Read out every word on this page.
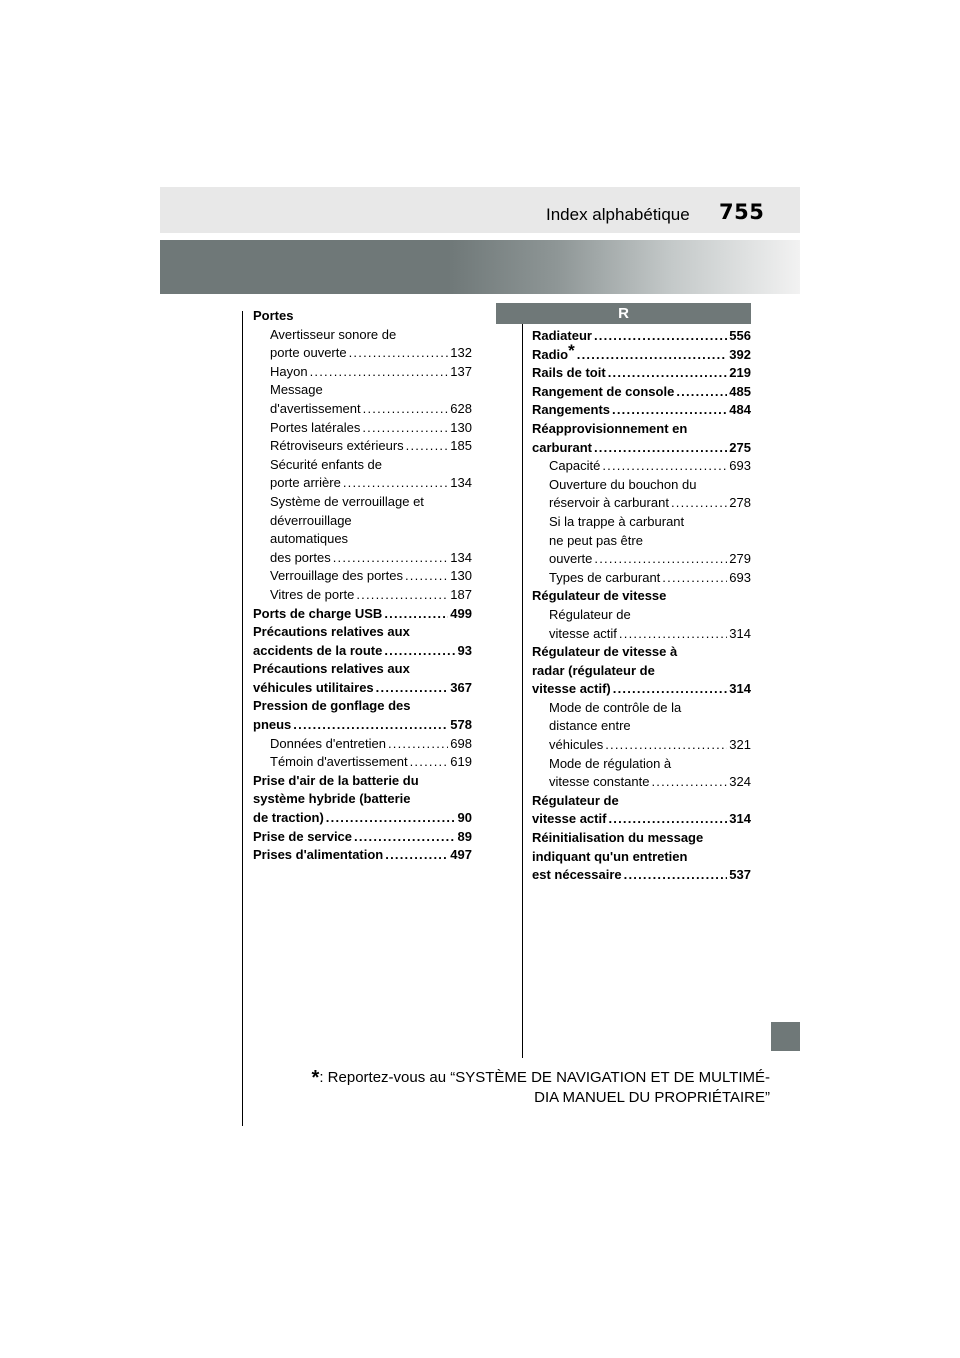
Index alphabétique 755
R
Portes
Avertisseur sonore de
porte ouverte . . .	132
Hayon . . .	137
Message
d'avertissement . . .	628
Portes latérales . . .	130
Rétroviseurs extérieurs . . .	185
Sécurité enfants de
porte arrière . . .	134
Système de verrouillage et
déverrouillage
automatiques
des portes . . .	134
Verrouillage des portes . . .	130
Vitres de porte . . .	187
Ports de charge USB . . .	499
Précautions relatives aux
accidents de la route . . .	93
Précautions relatives aux
véhicules utilitaires . . .	367
Pression de gonflage des
pneus . . .	578
Données d'entretien . . .	698
Témoin d'avertissement . . .	619
Prise d'air de la batterie du
système hybride (batterie
de traction) . . .	90
Prise de service . . .	89
Prises d'alimentation . . .	497
Radiateur . . .	556
Radio* . . .	392
Rails de toit . . .	219
Rangement de console . . .	485
Rangements . . .	484
Réapprovisionnement en
carburant . . .	275
Capacité . . .	693
Ouverture du bouchon du
réservoir à carburant . . .	278
Si la trappe à carburant
ne peut pas être
ouverte . . .	279
Types de carburant . . .	693
Régulateur de vitesse
Régulateur de
vitesse actif . . .	314
Régulateur de vitesse à
radar (régulateur de
vitesse actif) . . .	314
Mode de contrôle de la
distance entre
véhicules . . .	321
Mode de régulation à
vitesse constante . . .	324
Régulateur de
vitesse actif . . .	314
Réinitialisation du message
indiquant qu'un entretien
est nécessaire . . .	537
*: Reportez-vous au “SYSTÈME DE NAVIGATION ET DE MULTIMÉ-
DIA MANUEL DU PROPRIÉTAIRE”
